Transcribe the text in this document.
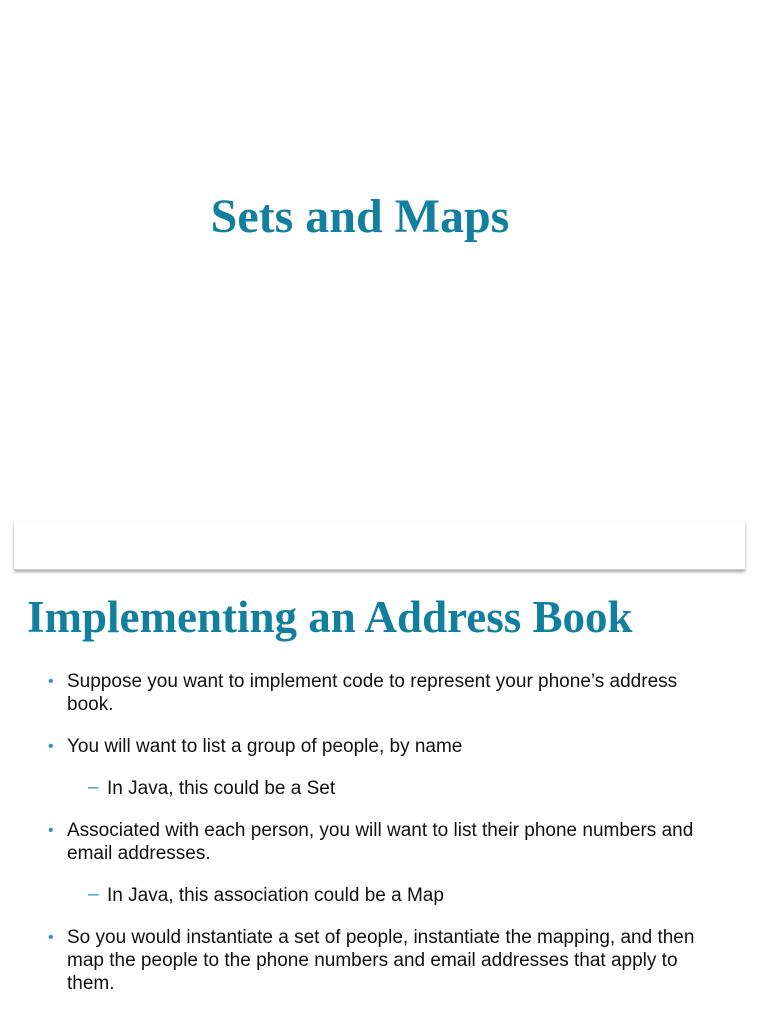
Sets and Maps
Implementing an Address Book
• Suppose you want to implement code to represent your phone’s address book.
• You will want to list a group of people, by name
– In Java, this could be a Set
• Associated with each person, you will want to list their phone numbers and email addresses.
– In Java, this association could be a Map
• So you would instantiate a set of people, instantiate the mapping, and then map the people to the phone numbers and email addresses that apply to them.
